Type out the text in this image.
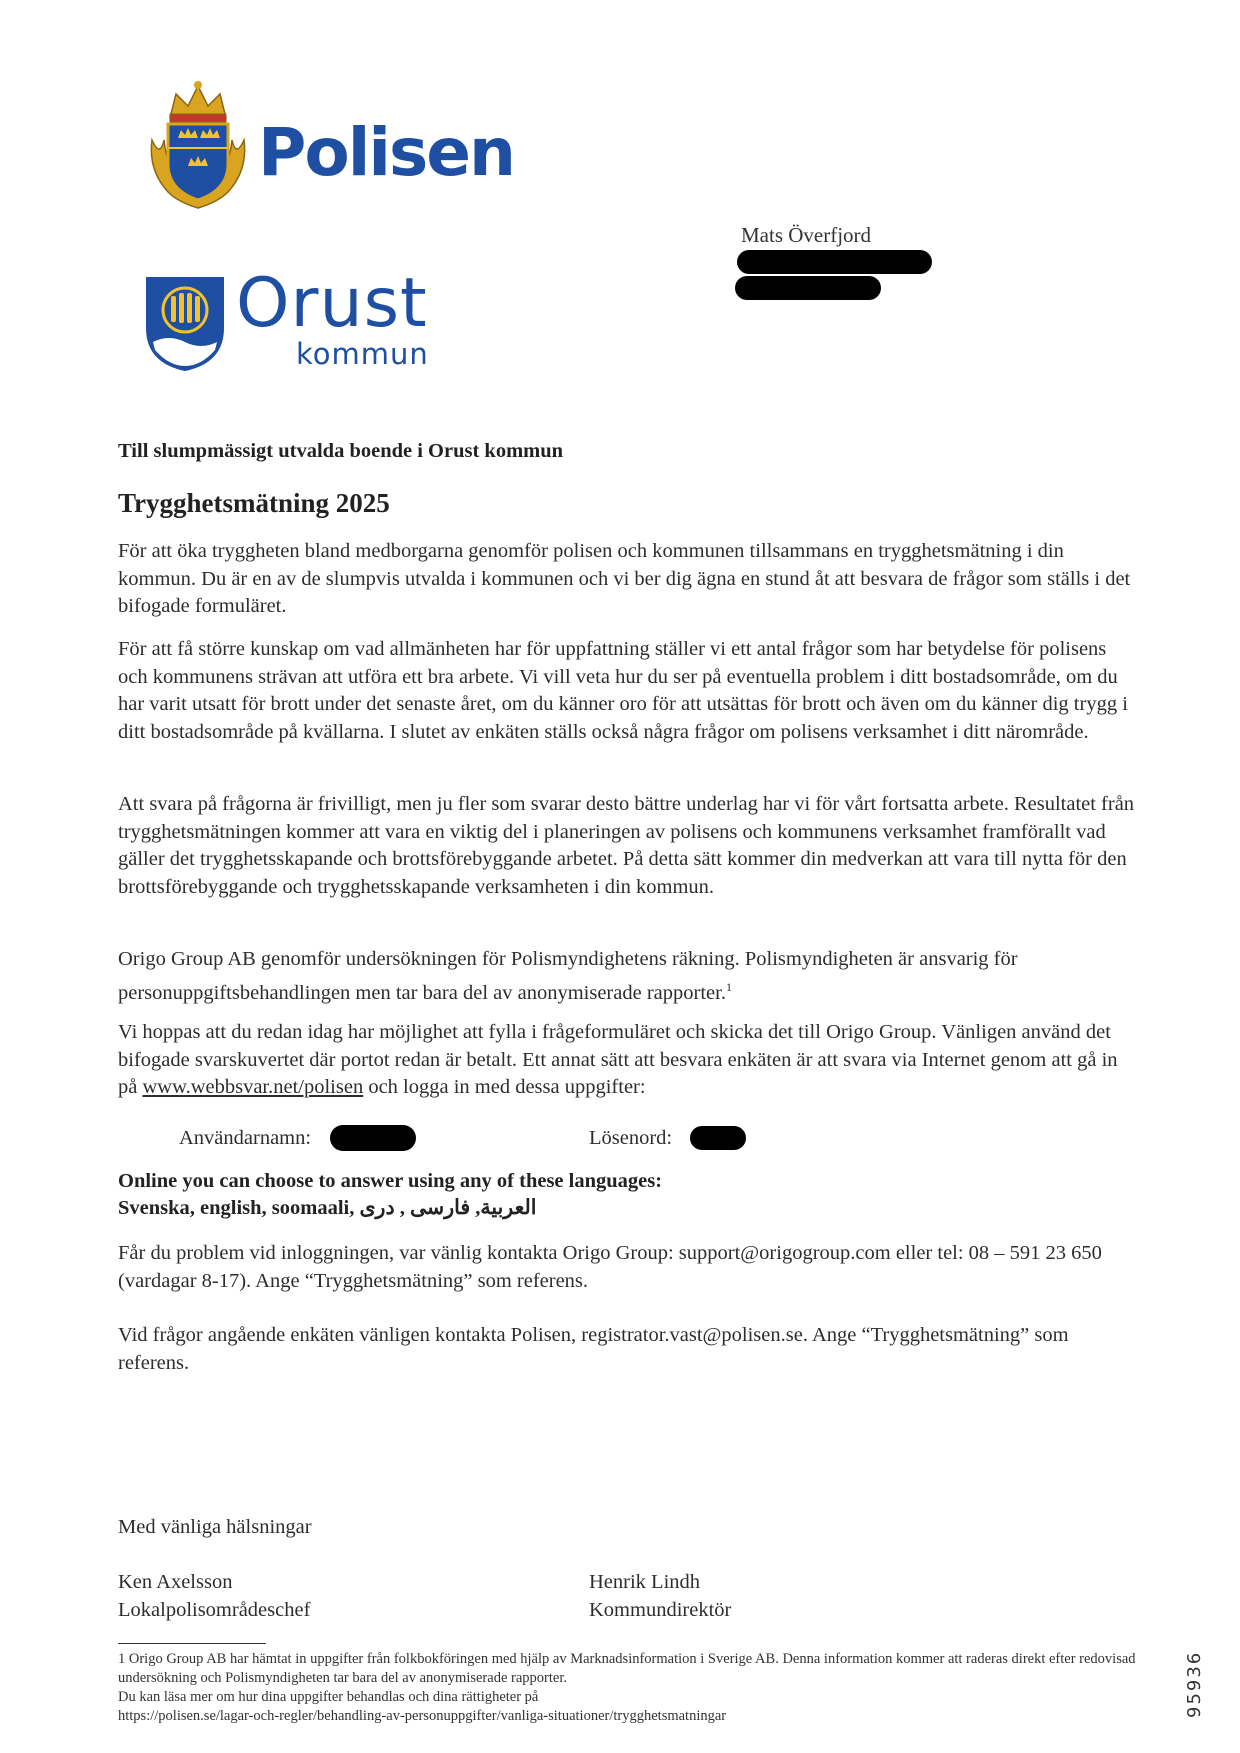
Polisen
Orust
kommun
Mats Överfjord
Till slumpmässigt utvalda boende i Orust kommun
Trygghetsmätning 2025
För att öka tryggheten bland medborgarna genomför polisen och kommunen tillsammans en trygghetsmätning i din kommun. Du är en av de slumpvis utvalda i kommunen och vi ber dig ägna en stund åt att besvara de frågor som ställs i det bifogade formuläret.
För att få större kunskap om vad allmänheten har för uppfattning ställer vi ett antal frågor som har betydelse för polisens och kommunens strävan att utföra ett bra arbete. Vi vill veta hur du ser på eventuella problem i ditt bostadsområde, om du har varit utsatt för brott under det senaste året, om du känner oro för att utsättas för brott och även om du känner dig trygg i ditt bostadsområde på kvällarna. I slutet av enkäten ställs också några frågor om polisens verksamhet i ditt närområde.
Att svara på frågorna är frivilligt, men ju fler som svarar desto bättre underlag har vi för vårt fortsatta arbete. Resultatet från trygghetsmätningen kommer att vara en viktig del i planeringen av polisens och kommunens verksamhet framförallt vad gäller det trygghetsskapande och brottsförebyggande arbetet. På detta sätt kommer din medverkan att vara till nytta för den brottsförebyggande och trygghetsskapande verksamheten i din kommun.
Origo Group AB genomför undersökningen för Polismyndighetens räkning. Polismyndigheten är ansvarig för personuppgiftsbehandlingen men tar bara del av anonymiserade rapporter.$^1$
Vi hoppas att du redan idag har möjlighet att fylla i frågeformuläret och skicka det till Origo Group. Vänligen använd det bifogade svarskuvertet där portot redan är betalt. Ett annat sätt att besvara enkäten är att svara via Internet genom att gå in på www.webbsvar.net/polisen och logga in med dessa uppgifter:
Användarnamn:	Lösenord:
Online you can choose to answer using any of these languages:
Svenska, english, soomaali, العربية, فارسی , دری
Får du problem vid inloggningen, var vänlig kontakta Origo Group: support@origogroup.com eller tel: 08 – 591 23 650 (vardagar 8-17). Ange “Trygghetsmätning” som referens.
Vid frågor angående enkäten vänligen kontakta Polisen, registrator.vast@polisen.se. Ange “Trygghetsmätning” som referens.
Med vänliga hälsningar
Ken Axelsson
Lokalpolisområdeschef
Henrik Lindh
Kommundirektör
1 Origo Group AB har hämtat in uppgifter från folkbokföringen med hjälp av Marknadsinformation i Sverige AB. Denna information kommer att raderas direkt efter redovisad undersökning och Polismyndigheten tar bara del av anonymiserade rapporter.
Du kan läsa mer om hur dina uppgifter behandlas och dina rättigheter på
https://polisen.se/lagar-och-regler/behandling-av-personuppgifter/vanliga-situationer/trygghetsmatningar	95936
